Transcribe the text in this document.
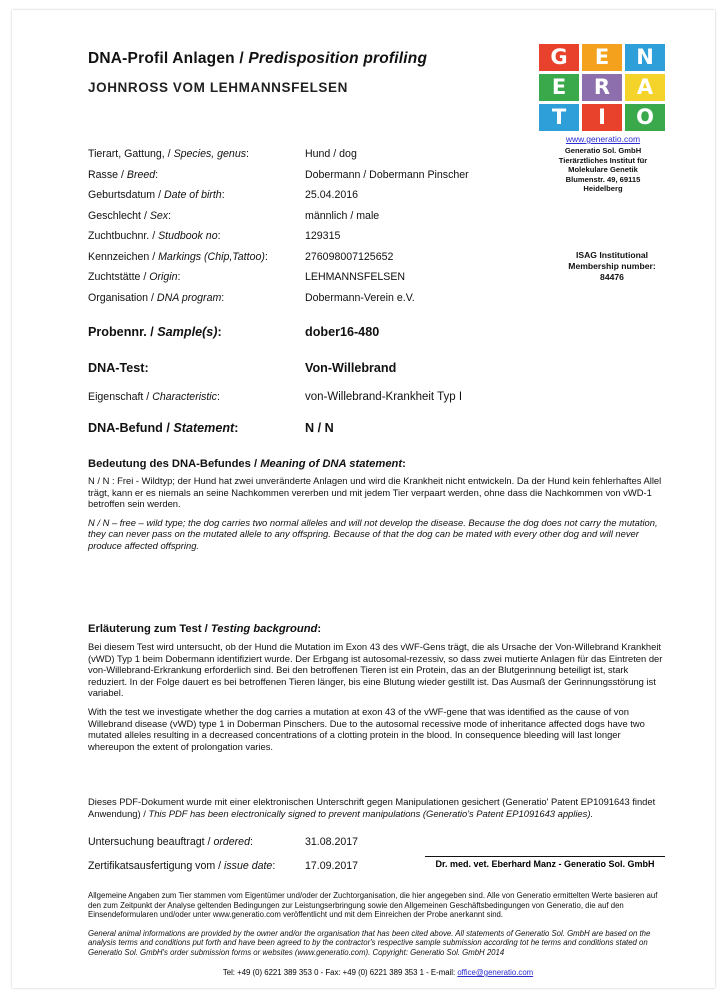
DNA-Profil Anlagen / Predisposition profiling
JOHNROSS VOM LEHMANNSFELSEN
G	E	N
E	R	A
T	I	O
www.generatio.com
Generatio Sol. GmbH
Tierärztliches Institut für
Molekulare Genetik
Blumenstr. 49, 69115
Heidelberg
ISAG Institutional
Membership number:
84476
Tierart, Gattung, / Species, genus:	Hund / dog
Rasse / Breed:	Dobermann / Dobermann Pinscher
Geburtsdatum / Date of birth:	25.04.2016
Geschlecht / Sex:	männlich / male
Zuchtbuchnr. / Studbook no:	129315
Kennzeichen / Markings (Chip,Tattoo):	276098007125652
Zuchtstätte / Origin:	LEHMANNSFELSEN
Organisation / DNA program:	Dobermann-Verein e.V.
Probennr. / Sample(s):	dober16-480
DNA-Test:	Von-Willebrand
Eigenschaft / Characteristic:	von-Willebrand-Krankheit Typ I
DNA-Befund / Statement:	N / N
Bedeutung des DNA-Befundes / Meaning of DNA statement:

N / N : Frei - Wildtyp; der Hund hat zwei unveränderte Anlagen und wird die Krankheit nicht entwickeln. Da der Hund kein fehlerhaftes Allel trägt, kann er es niemals an seine Nachkommen vererben und mit jedem Tier verpaart werden, ohne dass die Nachkommen von vWD-1 betroffen sein werden.

N / N – free – wild type; the dog carries two normal alleles and will not develop the disease. Because the dog does not carry the mutation, they can never pass on the mutated allele to any offspring. Because of that the dog can be mated with every other dog and will never produce affected offspring.

Erläuterung zum Test / Testing background:

Bei diesem Test wird untersucht, ob der Hund die Mutation im Exon 43 des vWF-Gens trägt, die als Ursache der Von-Willebrand Krankheit (vWD) Typ 1 beim Dobermann identifiziert wurde. Der Erbgang ist autosomal-rezessiv, so dass zwei mutierte Anlagen für das Eintreten der von-Willebrand-Erkrankung erforderlich sind. Bei den betroffenen Tieren ist ein Protein, das an der Blutgerinnung beteiligt ist, stark reduziert. In der Folge dauert es bei betroffenen Tieren länger, bis eine Blutung wieder gestillt ist. Das Ausmaß der Gerinnungsstörung ist variabel.

With the test we investigate whether the dog carries a mutation at exon 43 of the vWF-gene that was identified as the cause of von Willebrand disease (vWD) type 1 in Doberman Pinschers. Due to the autosomal recessive mode of inheritance affected dogs have two mutated alleles resulting in a decreased concentrations of a clotting protein in the blood. In consequence bleeding will last longer whereupon the extent of prolongation varies.

Dieses PDF-Dokument wurde mit einer elektronischen Unterschrift gegen Manipulationen gesichert (Generatio' Patent EP1091643 findet Anwendung) / This PDF has been electronically signed to prevent manipulations (Generatio's Patent EP1091643 applies).
Untersuchung beauftragt / ordered:	31.08.2017
Zertifikatsausfertigung vom / issue date:	17.09.2017	Dr. med. vet. Eberhard Manz - Generatio Sol. GmbH

Allgemeine Angaben zum Tier stammen vom Eigentümer und/oder der Zuchtorganisation, die hier angegeben sind. Alle von Generatio ermittelten Werte basieren auf den zum Zeitpunkt der Analyse geltenden Bedingungen zur Leistungserbringung sowie den Allgemeinen Geschäftsbedingungen von Generatio, die auf den Einsendeformularen und/oder unter www.generatio.com veröffentlicht und mit dem Einreichen der Probe anerkannt sind.

General animal informations are provided by the owner and/or the organisation that has been cited above. All statements of Generatio Sol. GmbH are based on the analysis terms and conditions put forth and have been agreed to by the contractor's respective sample submission according tot he terms and conditions stated on Generatio Sol. GmbH's order submission forms or websites (www.generatio.com). Copyright: Generatio Sol. GmbH 2014

Tel: +49 (0) 6221 389 353 0 - Fax: +49 (0) 6221 389 353 1 - E-mail: office@generatio.com
